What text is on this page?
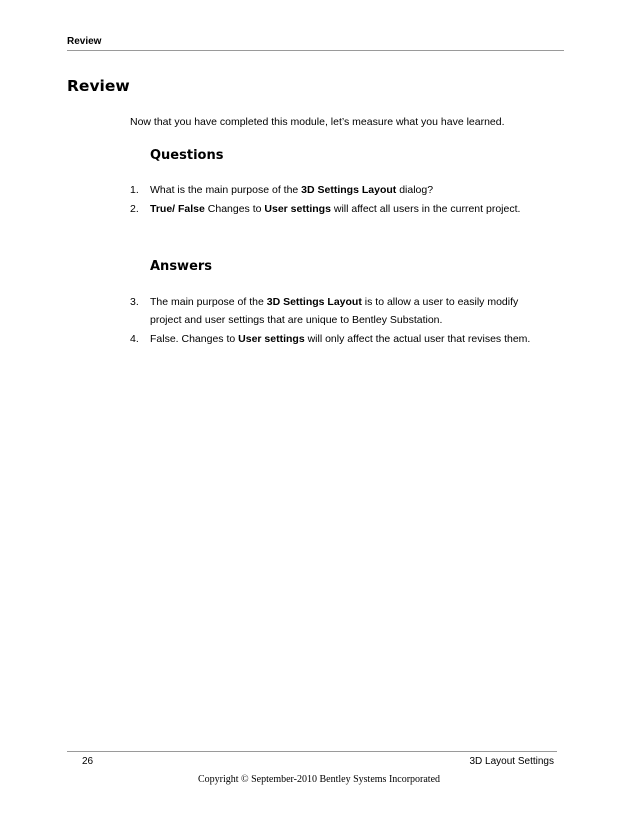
Review
Review
Now that you have completed this module, let’s measure what you have learned.
Questions
1.	What is the main purpose of the 3D Settings Layout dialog?
2.	True/ False Changes to User settings will affect all users in the current project.
Answers
3.	The main purpose of the 3D Settings Layout is to allow a user to easily modify
project and user settings that are unique to Bentley Substation.
4.	False. Changes to User settings will only affect the actual user that revises them.
26	3D Layout Settings
Copyright © September-2010 Bentley Systems Incorporated
